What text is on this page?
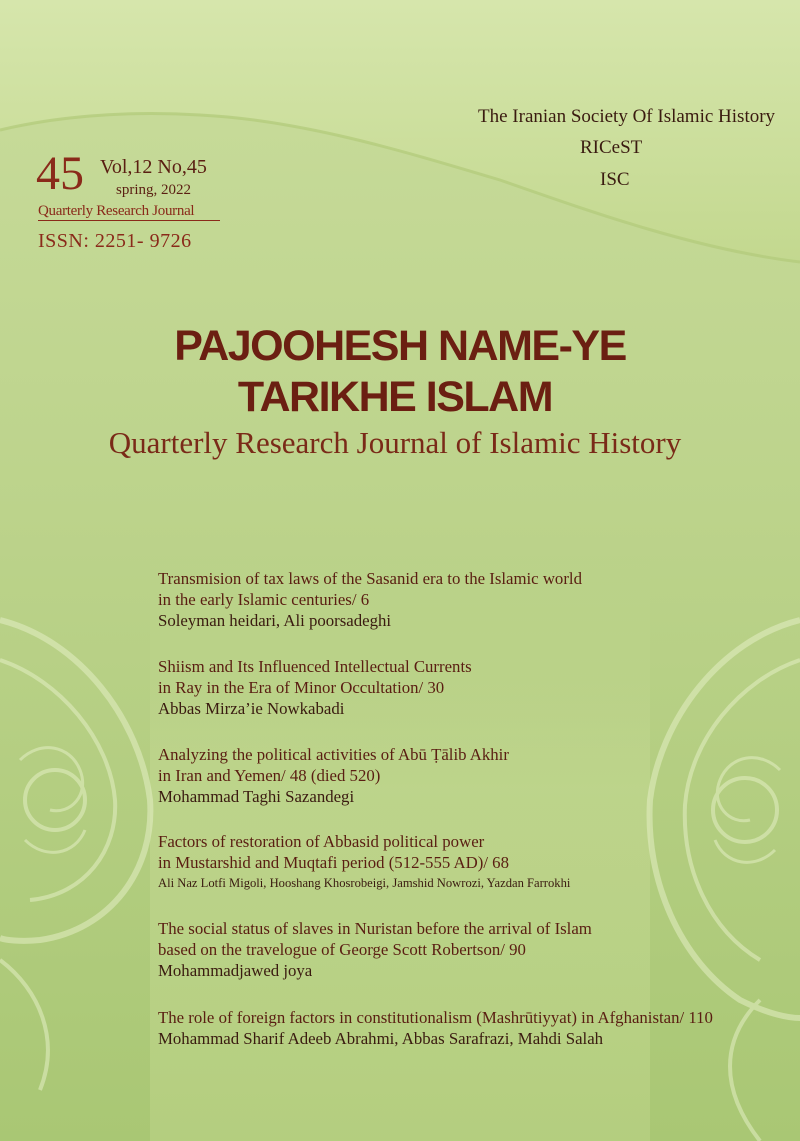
45 Vol,12 No,45
spring, 2022
Quarterly Research Journal
ISSN: 2251- 9726
The Iranian Society Of Islamic History
RICeST
ISC
PAJOOHESH NAME-YE
TARIKHE ISLAM
Quarterly Research Journal of Islamic History
Transmision of tax laws of the Sasanid era to the Islamic world
in the early Islamic centuries/ 6
Soleyman heidari, Ali poorsadeghi
Shiism and Its Influenced Intellectual Currents
in Ray in the Era of Minor Occultation/ 30
Abbas Mirza’ie Nowkabadi
Analyzing the political activities of Abū Ṭālib Akhir
in Iran and Yemen/ 48 (died 520)
Mohammad Taghi Sazandegi
Factors of restoration of Abbasid political power
in Mustarshid and Muqtafi period (512-555 AD)/ 68
Ali Naz Lotfi Migoli, Hooshang Khosrobeigi, Jamshid Nowrozi, Yazdan Farrokhi
The social status of slaves in Nuristan before the arrival of Islam
based on the travelogue of George Scott Robertson/ 90
Mohammadjawed joya
The role of foreign factors in constitutionalism (Mashrūtiyyat) in Afghanistan/ 110
Mohammad Sharif Adeeb Abrahmi, Abbas Sarafrazi, Mahdi Salah
